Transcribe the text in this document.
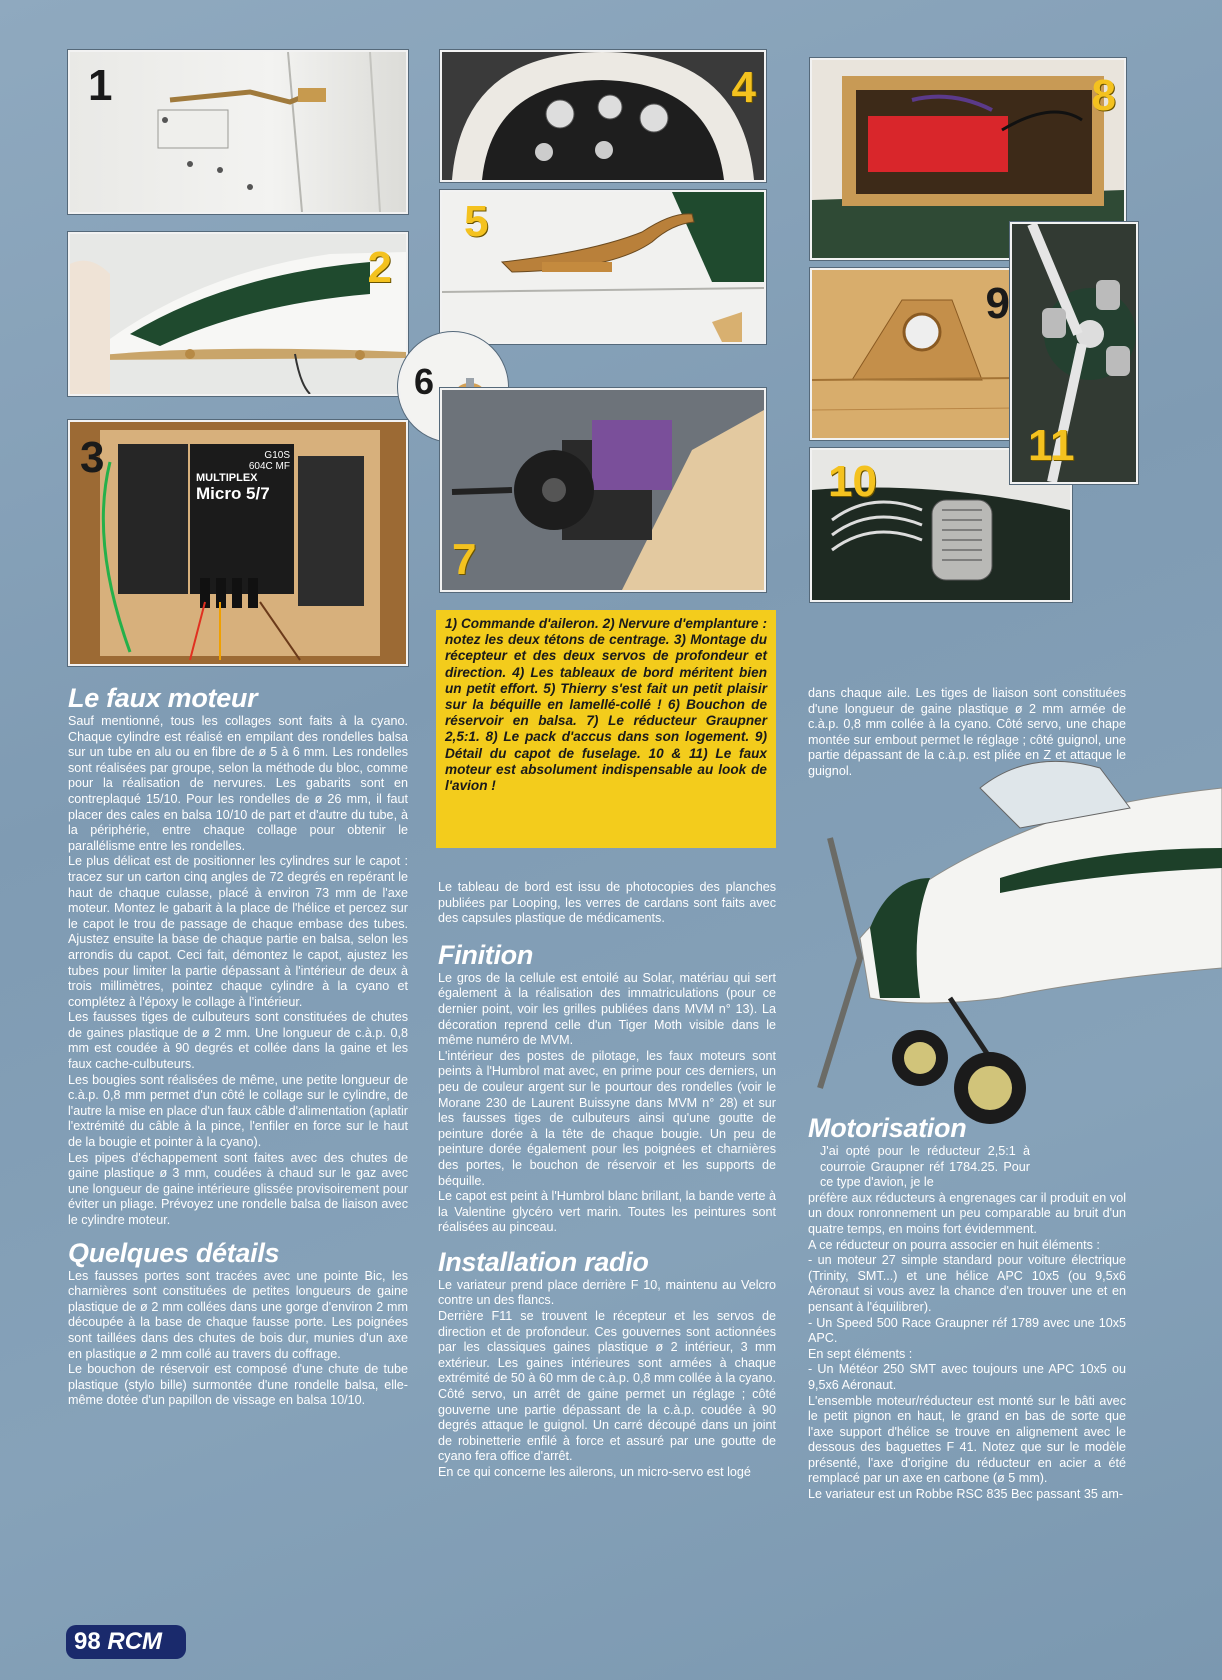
1
2
G10S
604C MF
MULTIPLEX
Micro 5/7
3
4
5
6
7
8
9
10
11
1) Commande d'aileron. 2) Nervure d'emplanture : notez les deux tétons de centrage. 3) Montage du récepteur et des deux servos de profondeur et direction. 4) Les tableaux de bord méritent bien un petit effort. 5) Thierry s'est fait un petit plaisir sur la béquille en lamellé-collé ! 6) Bouchon de réservoir en balsa. 7) Le réducteur Graupner 2,5:1. 8) Le pack d'accus dans son logement. 9) Détail du capot de fuselage. 10 & 11) Le faux moteur est absolument indispensable au look de l'avion !
Le faux moteur

Sauf mentionné, tous les collages sont faits à la cyano. Chaque cylindre est réalisé en empilant des rondelles balsa sur un tube en alu ou en fibre de ø 5 à 6 mm. Les rondelles sont réalisées par groupe, selon la méthode du bloc, comme pour la réalisation de nervures. Les gabarits sont en contreplaqué 15/10. Pour les rondelles de ø 26 mm, il faut placer des cales en balsa 10/10 de part et d'autre du tube, à la périphérie, entre chaque collage pour obtenir le parallélisme entre les rondelles.

Le plus délicat est de positionner les cylindres sur le capot : tracez sur un carton cinq angles de 72 degrés en repérant le haut de chaque culasse, placé à environ 73 mm de l'axe moteur. Montez le gabarit à la place de l'hélice et percez sur le capot le trou de passage de chaque embase des tubes. Ajustez ensuite la base de chaque partie en balsa, selon les arrondis du capot. Ceci fait, démontez le capot, ajustez les tubes pour limiter la partie dépassant à l'intérieur de deux à trois millimètres, pointez chaque cylindre à la cyano et complétez à l'époxy le collage à l'intérieur.

Les fausses tiges de culbuteurs sont constituées de chutes de gaines plastique de ø 2 mm. Une longueur de c.à.p. 0,8 mm est coudée à 90 degrés et collée dans la gaine et les faux cache-culbuteurs.

Les bougies sont réalisées de même, une petite longueur de c.à.p. 0,8 mm permet d'un côté le collage sur le cylindre, de l'autre la mise en place d'un faux câble d'alimentation (aplatir l'extrémité du câble à la pince, l'enfiler en force sur le haut de la bougie et pointer à la cyano).

Les pipes d'échappement sont faites avec des chutes de gaine plastique ø 3 mm, coudées à chaud sur le gaz avec une longueur de gaine intérieure glissée provisoirement pour éviter un pliage. Prévoyez une rondelle balsa de liaison avec le cylindre moteur.

Quelques détails

Les fausses portes sont tracées avec une pointe Bic, les charnières sont constituées de petites longueurs de gaine plastique de ø 2 mm collées dans une gorge d'environ 2 mm découpée à la base de chaque fausse porte. Les poignées sont taillées dans des chutes de bois dur, munies d'un axe en plastique ø 2 mm collé au travers du coffrage.

Le bouchon de réservoir est composé d'une chute de tube plastique (stylo bille) surmontée d'une rondelle balsa, elle-même dotée d'un papillon de vissage en balsa 10/10.

Le tableau de bord est issu de photocopies des planches publiées par Looping, les verres de cardans sont faits avec des capsules plastique de médicaments.

Finition

Le gros de la cellule est entoilé au Solar, matériau qui sert également à la réalisation des immatriculations (pour ce dernier point, voir les grilles publiées dans MVM n° 13). La décoration reprend celle d'un Tiger Moth visible dans le même numéro de MVM.

L'intérieur des postes de pilotage, les faux moteurs sont peints à l'Humbrol mat avec, en prime pour ces derniers, un peu de couleur argent sur le pourtour des rondelles (voir le Morane 230 de Laurent Buissyne dans MVM n° 28) et sur les fausses tiges de culbuteurs ainsi qu'une goutte de peinture dorée à la tête de chaque bougie. Un peu de peinture dorée également pour les poignées et charnières des portes, le bouchon de réservoir et les supports de béquille.

Le capot est peint à l'Humbrol blanc brillant, la bande verte à la Valentine glycéro vert marin. Toutes les peintures sont réalisées au pinceau.

Installation radio

Le variateur prend place derrière F 10, maintenu au Velcro contre un des flancs.

Derrière F11 se trouvent le récepteur et les servos de direction et de profondeur. Ces gouvernes sont actionnées par les classiques gaines plastique ø 2 intérieur, 3 mm extérieur. Les gaines intérieures sont armées à chaque extrémité de 50 à 60 mm de c.à.p. 0,8 mm collée à la cyano. Côté servo, un arrêt de gaine permet un réglage ; côté gouverne une partie dépassant de la c.à.p. coudée à 90 degrés attaque le guignol. Un carré découpé dans un joint de robinetterie enfilé à force et assuré par une goutte de cyano fera office d'arrêt.

En ce qui concerne les ailerons, un micro-servo est logé

dans chaque aile. Les tiges de liaison sont constituées d'une longueur de gaine plastique ø 2 mm armée de c.à.p. 0,8 mm collée à la cyano. Côté servo, une chape montée sur embout permet le réglage ; côté guignol, une partie dépassant de la c.à.p. est pliée en Z et attaque le guignol.

Motorisation

J'ai opté pour le réducteur 2,5:1 à courroie Graupner réf 1784.25. Pour ce type d'avion, je le

préfère aux réducteurs à engrenages car il produit en vol un doux ronronnement un peu comparable au bruit d'un quatre temps, en moins fort évidemment.

A ce réducteur on pourra associer en huit éléments :

- un moteur 27 simple standard pour voiture électrique (Trinity, SMT...) et une hélice APC 10x5 (ou 9,5x6 Aéronaut si vous avez la chance d'en trouver une et en pensant à l'équilibrer).

- Un Speed 500 Race Graupner réf 1789 avec une 10x5 APC.

En sept éléments :

- Un Météor 250 SMT avec toujours une APC 10x5 ou 9,5x6 Aéronaut.

L'ensemble moteur/réducteur est monté sur le bâti avec le petit pignon en haut, le grand en bas de sorte que l'axe support d'hélice se trouve en alignement avec le dessous des baguettes F 41. Notez que sur le modèle présenté, l'axe d'origine du réducteur en acier a été remplacé par un axe en carbone (ø 5 mm).

Le variateur est un Robbe RSC 835 Bec passant 35 am-

98 RCM
